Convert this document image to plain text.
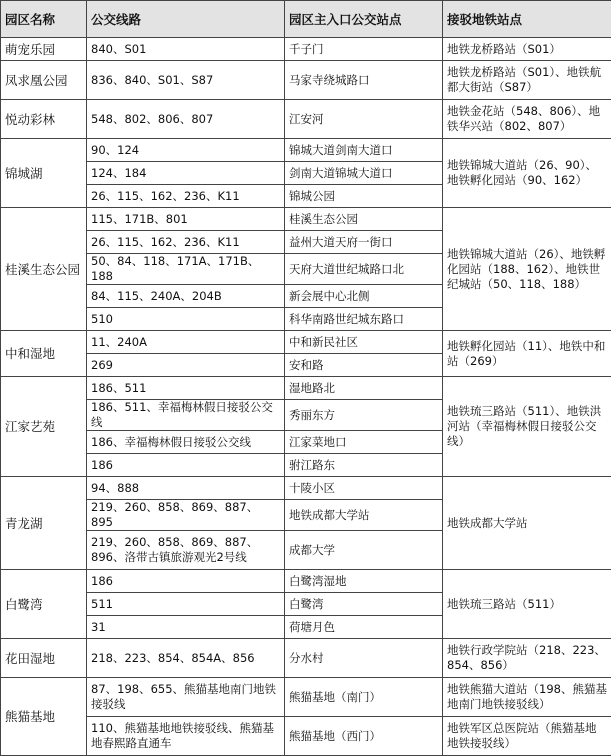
园区名称	公交线路	园区主入口公交站点	接驳地铁站点
萌宠乐园	840、S01	千子门	地铁龙桥路站（S01）
凤求凰公园	836、840、S01、S87	马家寺绕城路口	地铁龙桥路站（S01）、地铁航都大街站（S87）
悦动彩林	548、802、806、807	江安河	地铁金花站（548、806）、地铁华兴站（802、807）
锦城湖	90、124	锦城大道剑南大道口	地铁锦城大道站（26、90）、地铁孵化园站（90、162）
	124、184	剑南大道锦城大道口	
	26、115、162、236、K11	锦城公园	
桂溪生态公园	115、171B、801	桂溪生态公园	地铁锦城大道站（26）、地铁孵化园站（188、162）、地铁世纪城站（50、118、188）
	26、115、162、236、K11	益州大道天府一街口	
	50、84、118、171A、171B、188	天府大道世纪城路口北	
	84、115、240A、204B	新会展中心北侧	
	510	科华南路世纪城东路口	
中和湿地	11、240A	中和新民社区	地铁孵化园站（11）、地铁中和站（269）
	269	安和路	
江家艺苑	186、511	湿地路北	地铁琉三路站（511）、地铁洪河站（幸福梅林假日接驳公交线）
	186、511、幸福梅林假日接驳公交线	秀丽东方	
	186、幸福梅林假日接驳公交线	江家菜地口	
	186	驸江路东	
青龙湖	94、888	十陵小区	地铁成都大学站
	219、260、858、869、887、895	地铁成都大学站	
	219、260、858、869、887、896、洛带古镇旅游观光2号线	成都大学	
白鹭湾	186	白鹭湾湿地	地铁琉三路站（511）
	511	白鹭湾	
	31	荷塘月色	
花田湿地	218、223、854、854A、856	分水村	地铁行政学院站（218、223、854、856）
熊猫基地	87、198、655、熊猫基地南门地铁接驳线	熊猫基地（南门）	地铁熊猫大道站（198、熊猫基地南门地铁接驳线）
	110、熊猫基地地铁接驳线、熊猫基地春熙路直通车	熊猫基地（西门）	地铁军区总医院站（熊猫基地地铁接驳线）
